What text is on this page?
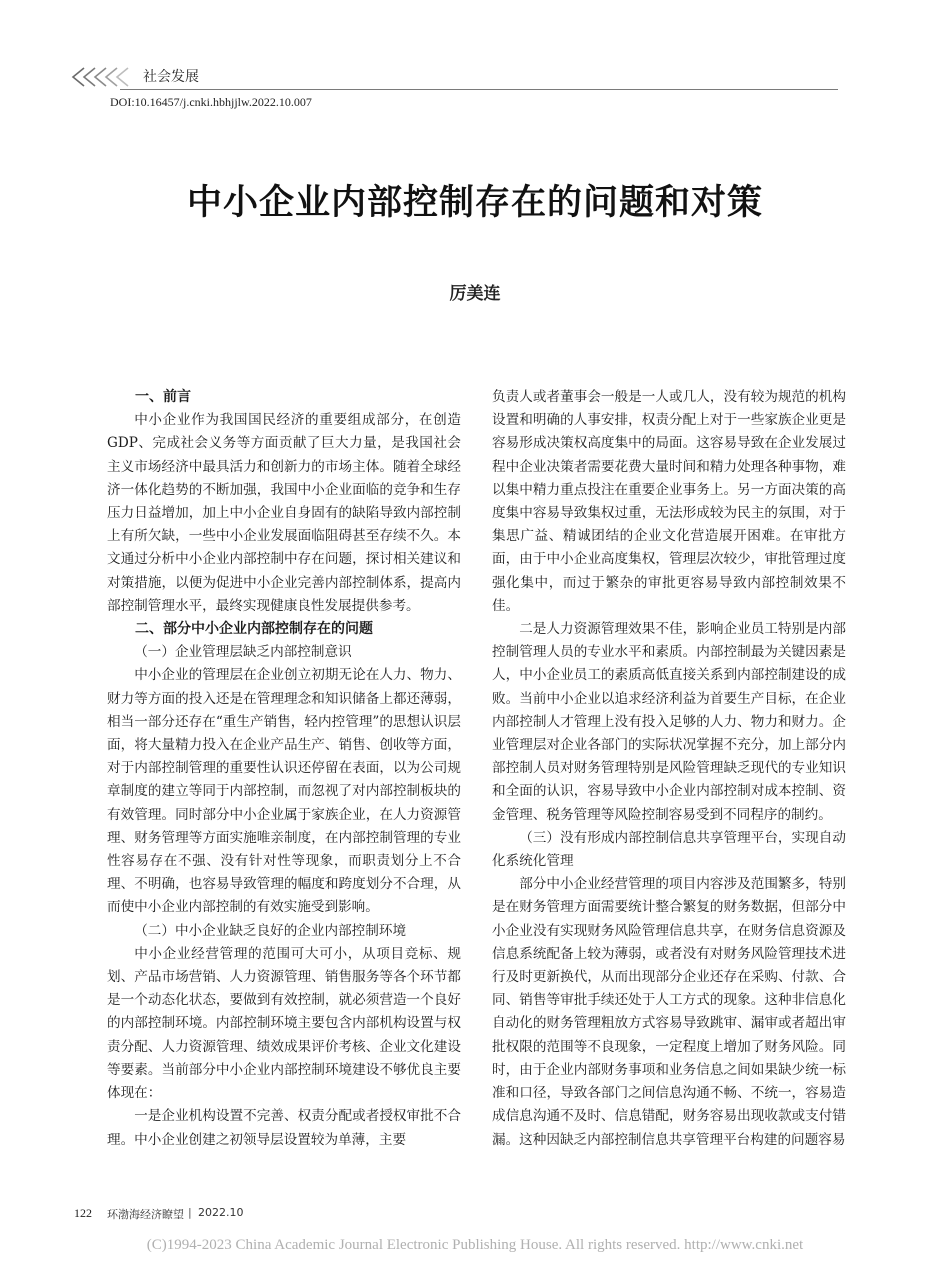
社会发展
DOI:10.16457/j.cnki.hbhjjlw.2022.10.007
中小企业内部控制存在的问题和对策
厉美连

一、前言

中小企业作为我国国民经济的重要组成部分，在创造 GDP、完成社会义务等方面贡献了巨大力量，是我国社会主义市场经济中最具活力和创新力的市场主体。随着全球经济一体化趋势的不断加强，我国中小企业面临的竞争和生存压力日益增加，加上中小企业自身固有的缺陷导致内部控制上有所欠缺，一些中小企业发展面临阻碍甚至存续不久。本文通过分析中小企业内部控制中存在问题，探讨相关建议和对策措施，以便为促进中小企业完善内部控制体系，提高内部控制管理水平，最终实现健康良性发展提供参考。

二、部分中小企业内部控制存在的问题

（一）企业管理层缺乏内部控制意识

中小企业的管理层在企业创立初期无论在人力、物力、财力等方面的投入还是在管理理念和知识储备上都还薄弱，相当一部分还存在“重生产销售，轻内控管理”的思想认识层面，将大量精力投入在企业产品生产、销售、创收等方面，对于内部控制管理的重要性认识还停留在表面，以为公司规章制度的建立等同于内部控制，而忽视了对内部控制板块的有效管理。同时部分中小企业属于家族企业，在人力资源管理、财务管理等方面实施唯亲制度，在内部控制管理的专业性容易存在不强、没有针对性等现象，而职责划分上不合理、不明确，也容易导致管理的幅度和跨度划分不合理，从而使中小企业内部控制的有效实施受到影响。

（二）中小企业缺乏良好的企业内部控制环境

中小企业经营管理的范围可大可小，从项目竞标、规划、产品市场营销、人力资源管理、销售服务等各个环节都是一个动态化状态，要做到有效控制，就必须营造一个良好的内部控制环境。内部控制环境主要包含内部机构设置与权责分配、人力资源管理、绩效成果评价考核、企业文化建设等要素。当前部分中小企业内部控制环境建设不够优良主要体现在：

一是企业机构设置不完善、权责分配或者授权审批不合理。中小企业创建之初领导层设置较为单薄，主要

负责人或者董事会一般是一人或几人，没有较为规范的机构设置和明确的人事安排，权责分配上对于一些家族企业更是容易形成决策权高度集中的局面。这容易导致在企业发展过程中企业决策者需要花费大量时间和精力处理各种事物，难以集中精力重点投注在重要企业事务上。另一方面决策的高度集中容易导致集权过重，无法形成较为民主的氛围，对于集思广益、精诚团结的企业文化营造展开困难。在审批方面，由于中小企业高度集权，管理层次较少，审批管理过度强化集中，而过于繁杂的审批更容易导致内部控制效果不佳。

二是人力资源管理效果不佳，影响企业员工特别是内部控制管理人员的专业水平和素质。内部控制最为关键因素是人，中小企业员工的素质高低直接关系到内部控制建设的成败。当前中小企业以追求经济利益为首要生产目标，在企业内部控制人才管理上没有投入足够的人力、物力和财力。企业管理层对企业各部门的实际状况掌握不充分，加上部分内部控制人员对财务管理特别是风险管理缺乏现代的专业知识和全面的认识，容易导致中小企业内部控制对成本控制、资金管理、税务管理等风险控制容易受到不同程序的制约。

（三）没有形成内部控制信息共享管理平台，实现自动化系统化管理

部分中小企业经营管理的项目内容涉及范围繁多，特别是在财务管理方面需要统计整合繁复的财务数据，但部分中小企业没有实现财务风险管理信息共享，在财务信息资源及信息系统配备上较为薄弱，或者没有对财务风险管理技术进行及时更新换代，从而出现部分企业还存在采购、付款、合同、销售等审批手续还处于人工方式的现象。这种非信息化自动化的财务管理粗放方式容易导致跳审、漏审或者超出审批权限的范围等不良现象，一定程度上增加了财务风险。同时，由于企业内部财务事项和业务信息之间如果缺少统一标准和口径，导致各部门之间信息沟通不畅、不统一，容易造成信息沟通不及时、信息错配，财务容易出现收款或支付错漏。这种因缺乏内部控制信息共享管理平台构建的问题容易

122 环渤海经济瞭望 | 2022.10
(C)1994-2023 China Academic Journal Electronic Publishing House. All rights reserved. http://www.cnki.net
